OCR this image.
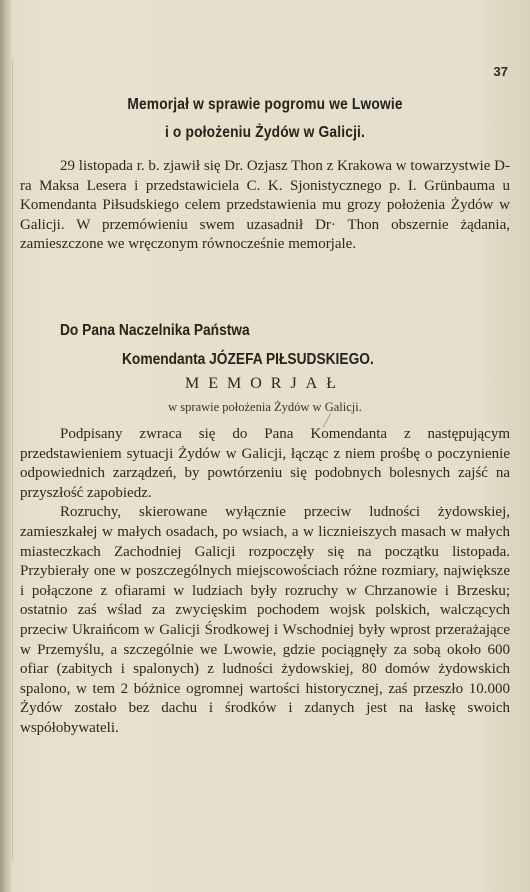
37
Memorjał w sprawie pogromu we Lwowie
i o położeniu Żydów w Galicji.

29 listopada r. b. zjawił się Dr. Ozjasz Thon z Krakowa w towarzystwie D-ra Maksa Lesera i przedstawiciela C. K. Sjonistycznego p. I. Grünbauma u Komendanta Piłsudskiego celem przedstawienia mu grozy położenia Żydów w Galicji. W przemówieniu swem uzasadnił Dr· Thon obszernie żądania, zamieszczone we wręczonym równocześnie memorjale.

Do Pana Naczelnika Państwa
Komendanta JÓZEFA PIŁSUDSKIEGO.
MEMORJAŁ
w sprawie położenia Żydów w Galicji.

Podpisany zwraca się do Pana Komendanta z następującym przedstawieniem sytuacji Żydów w Galicji, łącząc z niem prośbę o poczynienie odpowiednich zarządzeń, by powtórzeniu się podobnych bolesnych zajść na przyszłość zapobiedz.

Rozruchy, skierowane wyłącznie przeciw ludności żydowskiej, zamieszkałej w małych osadach, po wsiach, a w licznieiszych masach w małych miasteczkach Zachodniej Galicji rozpoczęły się na początku listopada. Przybierały one w poszczególnych miejscowościach różne rozmiary, największe i połączone z ofiarami w ludziach były rozruchy w Chrzanowie i Brzesku; ostatnio zaś wślad za zwycięskim pochodem wojsk polskich, walczących przeciw Ukraińcom w Galicji Środkowej i Wschodniej były wprost przerażające w Przemyślu, a szczególnie we Lwowie, gdzie pociągnęły za sobą około 600 ofiar (zabitych i spalonych) z ludności żydowskiej, 80 domów żydowskich spalono, w tem 2 bóżnice ogromnej wartości historycznej, zaś przeszło 10.000 Żydów zostało bez dachu i środków i zdanych jest na łaskę swoich współobywateli.
